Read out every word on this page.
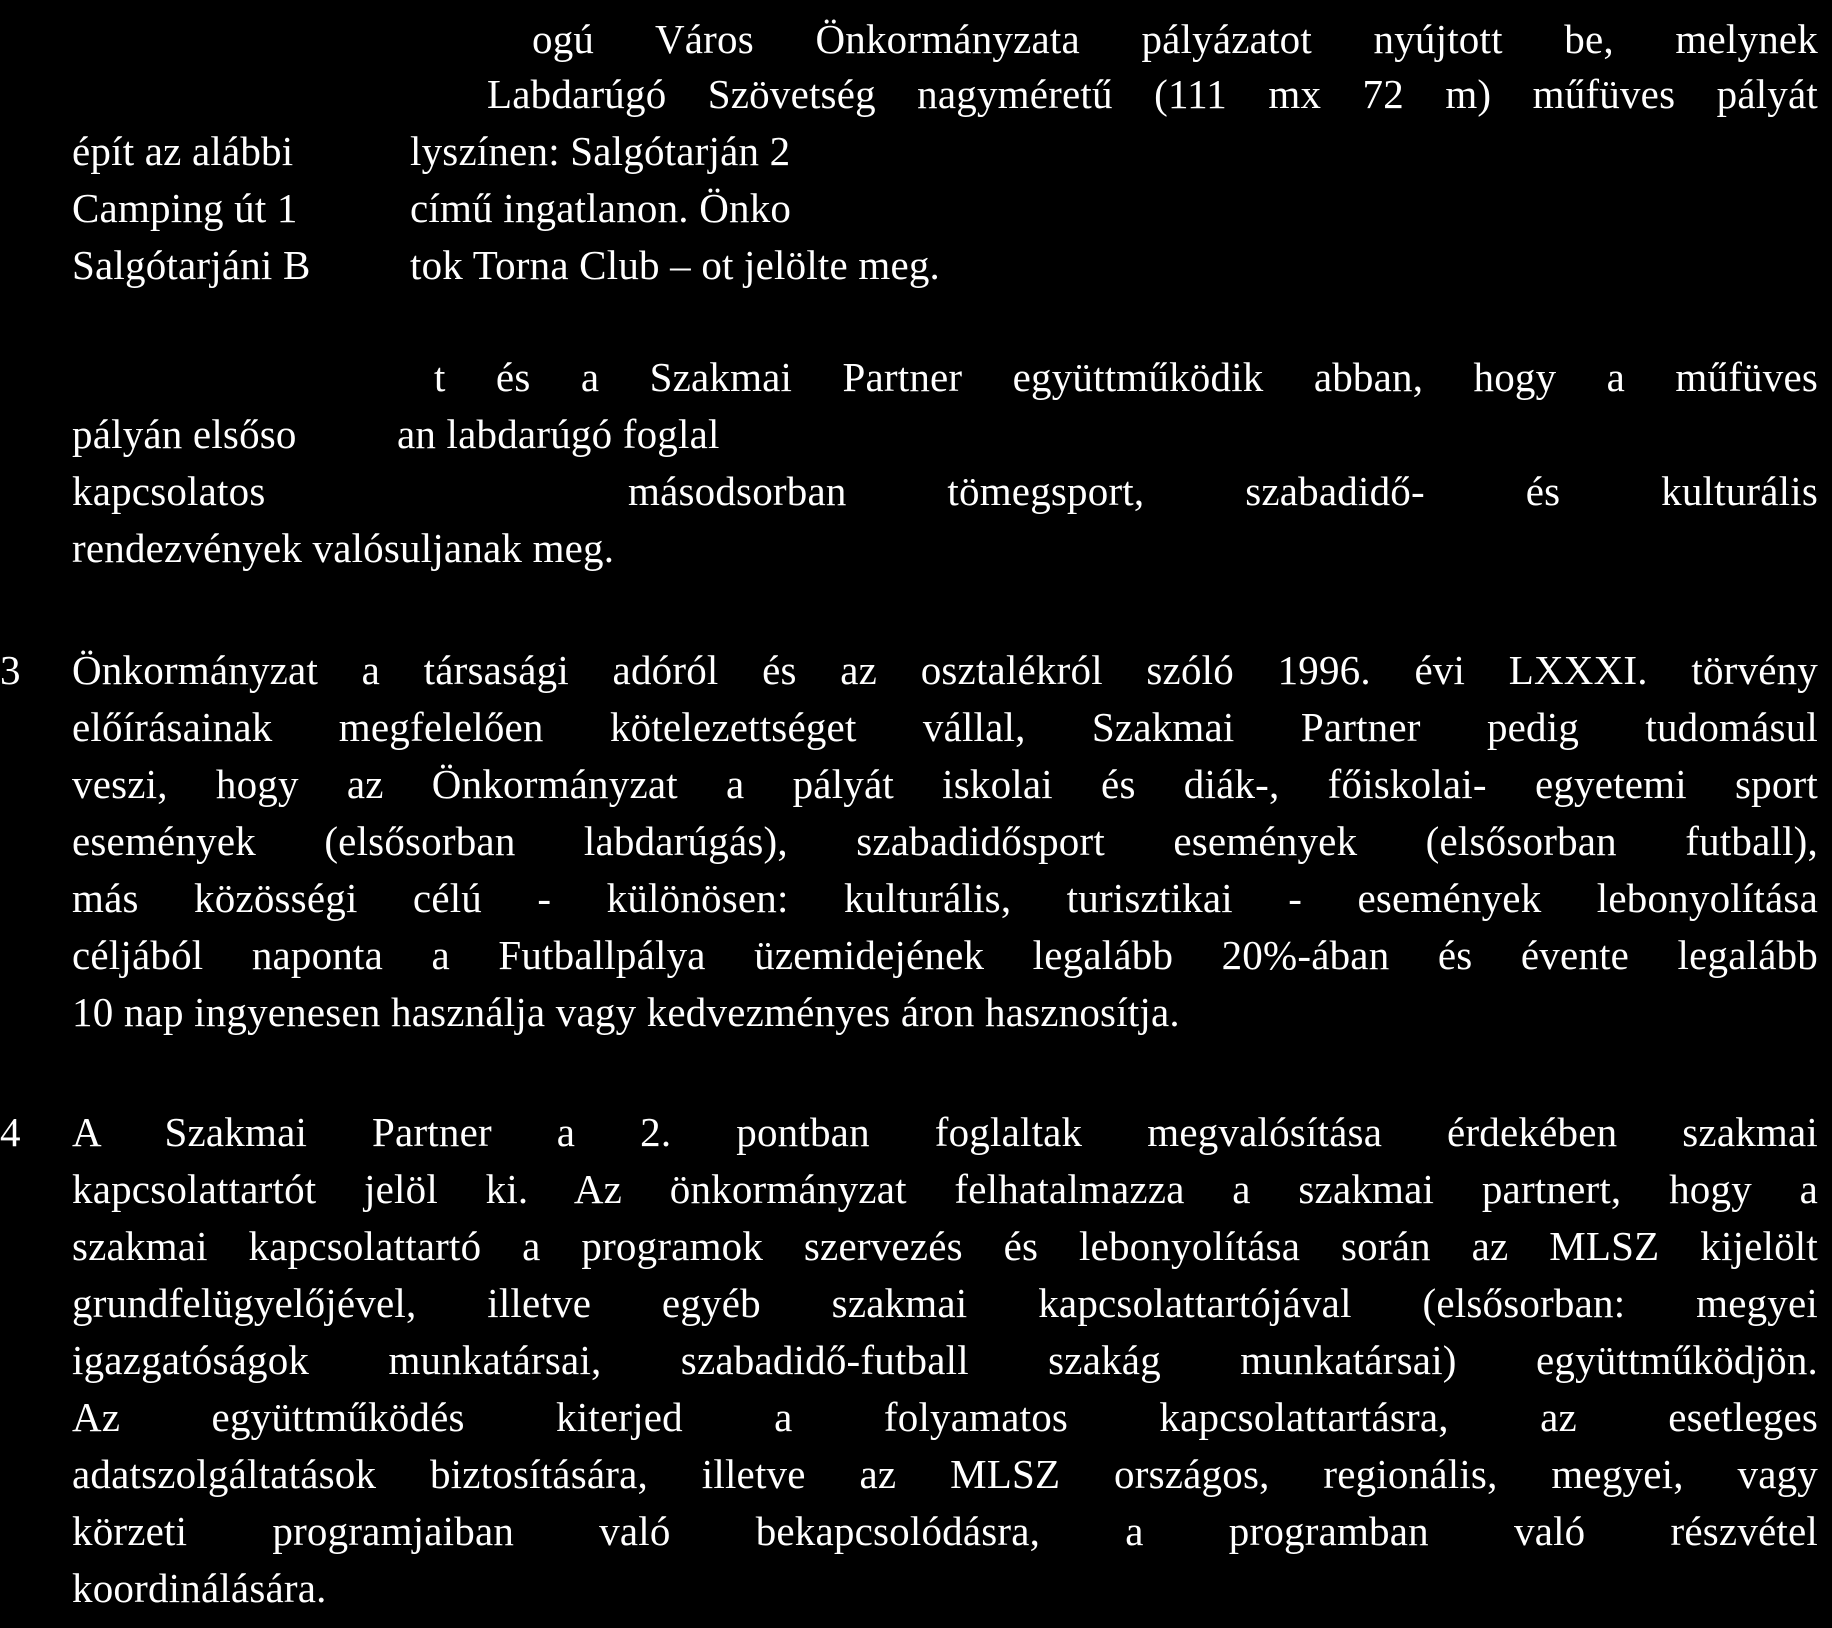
ogú Város Önkormányzata pályázatot nyújtott be, melynek
Labdarúgó Szövetség nagyméretű (111 mx 72 m) műfüves pályát
épít az alábbi	lyszínen: Salgótarján 2
Camping út 1	című ingatlanon. Önko
Salgótarjáni B tok Torna Club – ot jelölte meg.
t és a Szakmai Partner együttműködik abban, hogy a műfüves
pályán elsőso an labdarúgó foglal
kapcsolatos	másodsorban tömegsport, szabadidő- és kulturális
rendezvények valósuljanak meg.
3 Önkormányzat a társasági adóról és az osztalékról szóló 1996. évi LXXXI. törvény
előírásainak megfelelően kötelezettséget vállal, Szakmai Partner pedig tudomásul
veszi, hogy az Önkormányzat a pályát iskolai és diák-, főiskolai- egyetemi sport
események (elsősorban labdarúgás), szabadidősport események (elsősorban futball),
más közösségi célú - különösen: kulturális, turisztikai - események lebonyolítása
céljából naponta a Futballpálya üzemidejének legalább 20%-ában és évente legalább
10 nap ingyenesen használja vagy kedvezményes áron hasznosítja.
4 A Szakmai Partner a 2. pontban foglaltak megvalósítása érdekében szakmai
kapcsolattartót jelöl ki. Az önkormányzat felhatalmazza a szakmai partnert, hogy a
szakmai kapcsolattartó a programok szervezés és lebonyolítása során az MLSZ kijelölt
grundfelügyelőjével, illetve egyéb szakmai kapcsolattartójával (elsősorban: megyei
igazgatóságok munkatársai, szabadidő-futball szakág munkatársai) együttműködjön.
Az együttműködés kiterjed a folyamatos kapcsolattartásra, az esetleges
adatszolgáltatások biztosítására, illetve az MLSZ országos, regionális, megyei, vagy
körzeti programjaiban való bekapcsolódásra, a programban való részvétel
koordinálására.
